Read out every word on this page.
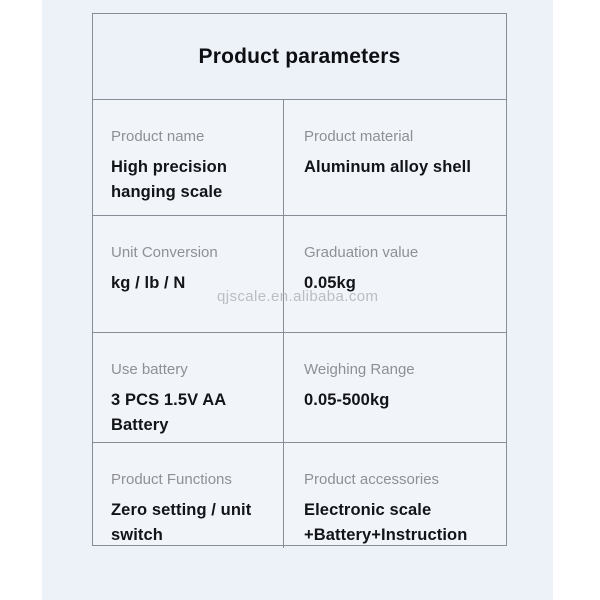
Product parameters
Product name
High precision hanging scale
Product material
Aluminum alloy shell
Unit Conversion
kg / lb / N
Graduation value
0.05kg
Use battery
3 PCS 1.5V AA Battery
Weighing Range
0.05-500kg
Product Functions
Zero setting / unit switch
Product accessories
Electronic scale +Battery+Instruction
qjscale.en.alibaba.com
